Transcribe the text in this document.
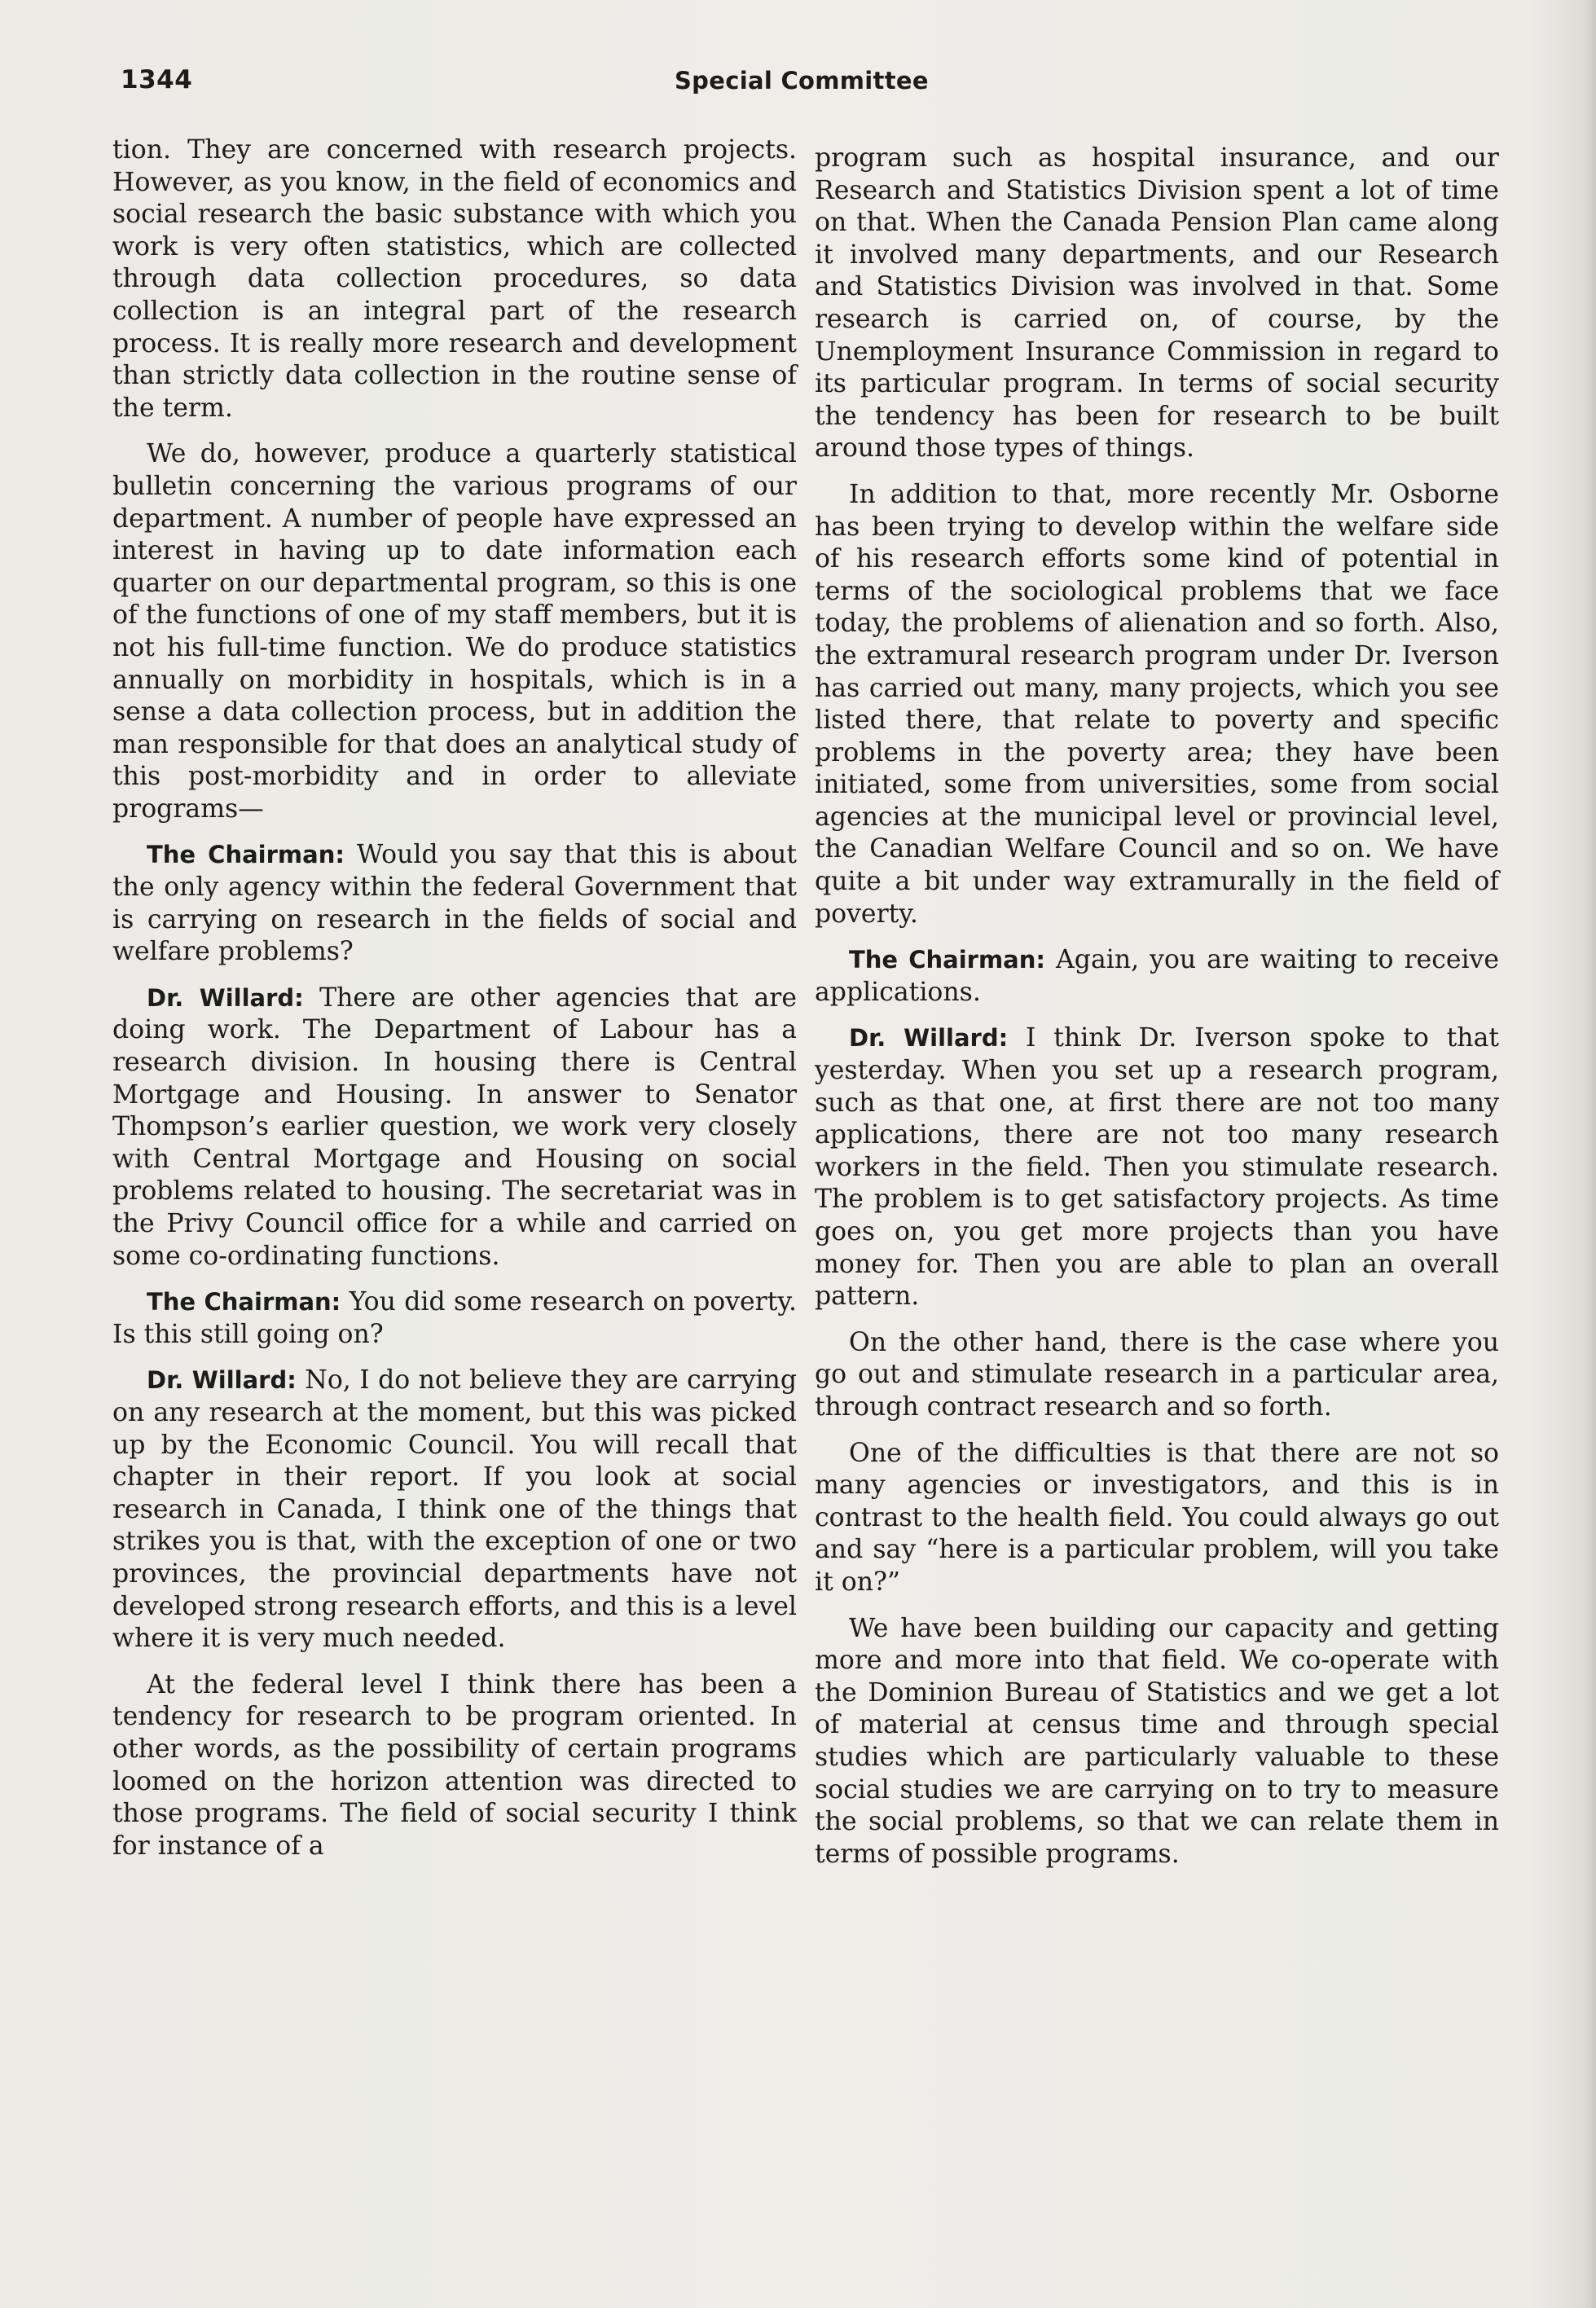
1344	Special Committee

tion. They are concerned with research projects. However, as you know, in the field of economics and social research the basic substance with which you work is very often statistics, which are collected through data collection procedures, so data collection is an integral part of the research process. It is really more research and development than strictly data collection in the routine sense of the term.

We do, however, produce a quarterly statistical bulletin concerning the various programs of our department. A number of people have expressed an interest in having up to date information each quarter on our departmental program, so this is one of the functions of one of my staff members, but it is not his full-time function. We do produce statistics annually on morbidity in hospitals, which is in a sense a data collection process, but in addition the man responsible for that does an analytical study of this post-morbidity and in order to alleviate programs—

The Chairman: Would you say that this is about the only agency within the federal Government that is carrying on research in the fields of social and welfare problems?

Dr. Willard: There are other agencies that are doing work. The Department of Labour has a research division. In housing there is Central Mortgage and Housing. In answer to Senator Thompson’s earlier question, we work very closely with Central Mortgage and Housing on social problems related to housing. The secretariat was in the Privy Council office for a while and carried on some co-ordinating functions.

The Chairman: You did some research on poverty. Is this still going on?

Dr. Willard: No, I do not believe they are carrying on any research at the moment, but this was picked up by the Economic Council. You will recall that chapter in their report. If you look at social research in Canada, I think one of the things that strikes you is that, with the exception of one or two provinces, the provincial departments have not developed strong research efforts, and this is a level where it is very much needed.

At the federal level I think there has been a tendency for research to be program oriented. In other words, as the possibility of certain programs loomed on the horizon attention was directed to those programs. The field of social security I think for instance of a

program such as hospital insurance, and our Research and Statistics Division spent a lot of time on that. When the Canada Pension Plan came along it involved many departments, and our Research and Statistics Division was involved in that. Some research is carried on, of course, by the Unemployment Insurance Commission in regard to its particular program. In terms of social security the tendency has been for research to be built around those types of things.

In addition to that, more recently Mr. Osborne has been trying to develop within the welfare side of his research efforts some kind of potential in terms of the sociological problems that we face today, the problems of alienation and so forth. Also, the extramural research program under Dr. Iverson has carried out many, many projects, which you see listed there, that relate to poverty and specific problems in the poverty area; they have been initiated, some from universities, some from social agencies at the municipal level or provincial level, the Canadian Welfare Council and so on. We have quite a bit under way extramurally in the field of poverty.

The Chairman: Again, you are waiting to receive applications.

Dr. Willard: I think Dr. Iverson spoke to that yesterday. When you set up a research program, such as that one, at first there are not too many applications, there are not too many research workers in the field. Then you stimulate research. The problem is to get satisfactory projects. As time goes on, you get more projects than you have money for. Then you are able to plan an overall pattern.

On the other hand, there is the case where you go out and stimulate research in a particular area, through contract research and so forth.

One of the difficulties is that there are not so many agencies or investigators, and this is in contrast to the health field. You could always go out and say “here is a particular problem, will you take it on?”

We have been building our capacity and getting more and more into that field. We co-operate with the Dominion Bureau of Statistics and we get a lot of material at census time and through special studies which are particularly valuable to these social studies we are carrying on to try to measure the social problems, so that we can relate them in terms of possible programs.
